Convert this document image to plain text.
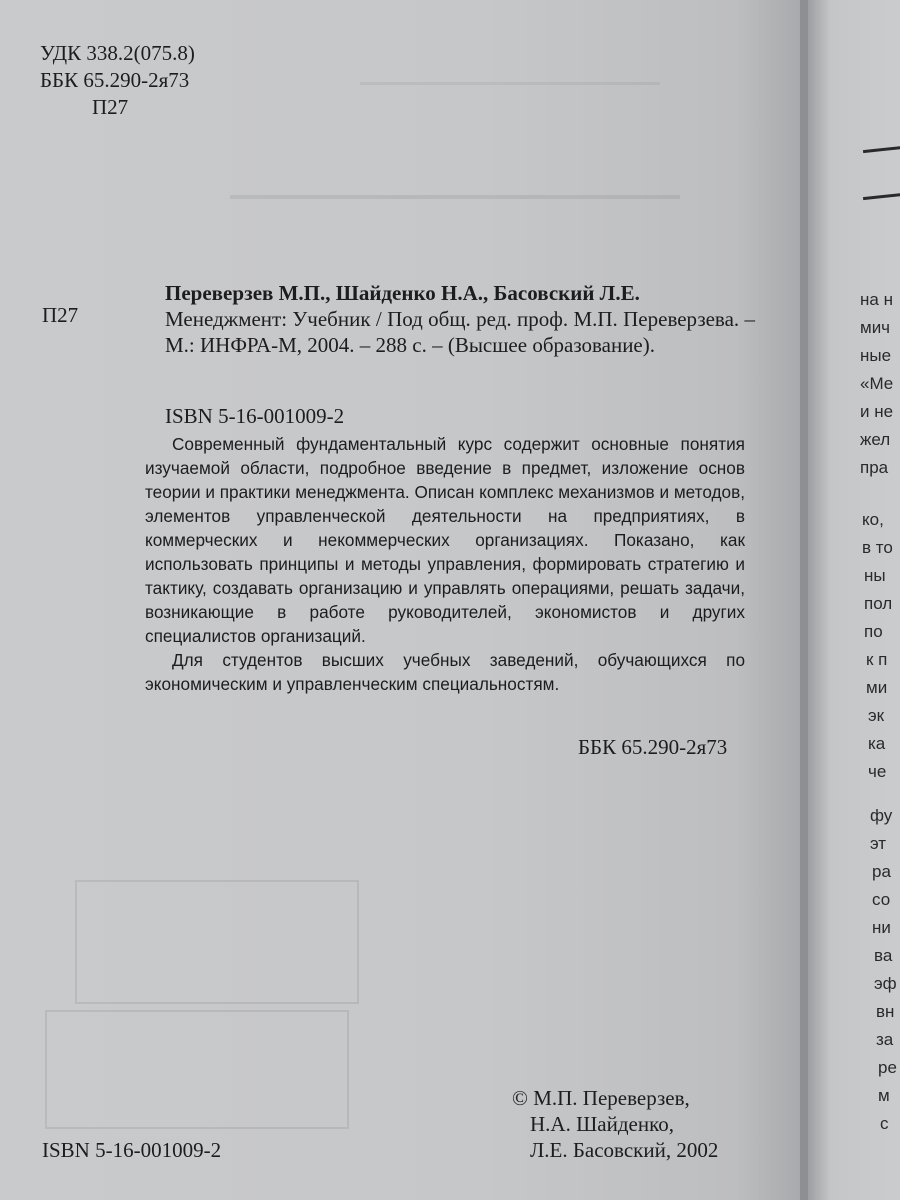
УДК 338.2(075.8)
ББК 65.290-2я73
П27
П27
Переверзев М.П., Шайденко Н.А., Басовский Л.Е.
Менеджмент: Учебник / Под общ. ред. проф. М.П. Переверзева. – М.: ИНФРА-М, 2004. – 288 с. – (Высшее образование).
ISBN 5-16-001009-2

Современный фундаментальный курс содержит основные понятия изучаемой области, подробное введение в предмет, изложение основ теории и практики менеджмента. Описан комплекс механизмов и методов, элементов управленческой деятельности на предприятиях, в коммерческих и некоммерческих организациях. Показано, как использовать принципы и методы управления, формировать стратегию и тактику, создавать организацию и управлять операциями, решать задачи, возникающие в работе руководителей, экономистов и других специалистов организаций.

Для студентов высших учебных заведений, обучающихся по экономическим и управленческим специальностям.

ББК 65.290-2я73
© М.П. Переверзев,
Н.А. Шайденко,
Л.Е. Басовский, 2002
ISBN 5-16-001009-2
на н
мич
ные
«Ме
и не
жел
пра
ко,
в то
ны
пол
по
к п
ми
эк
ка
че
фу
эт
ра
со
ни
ва
эф
вн
за
ре
м
с
